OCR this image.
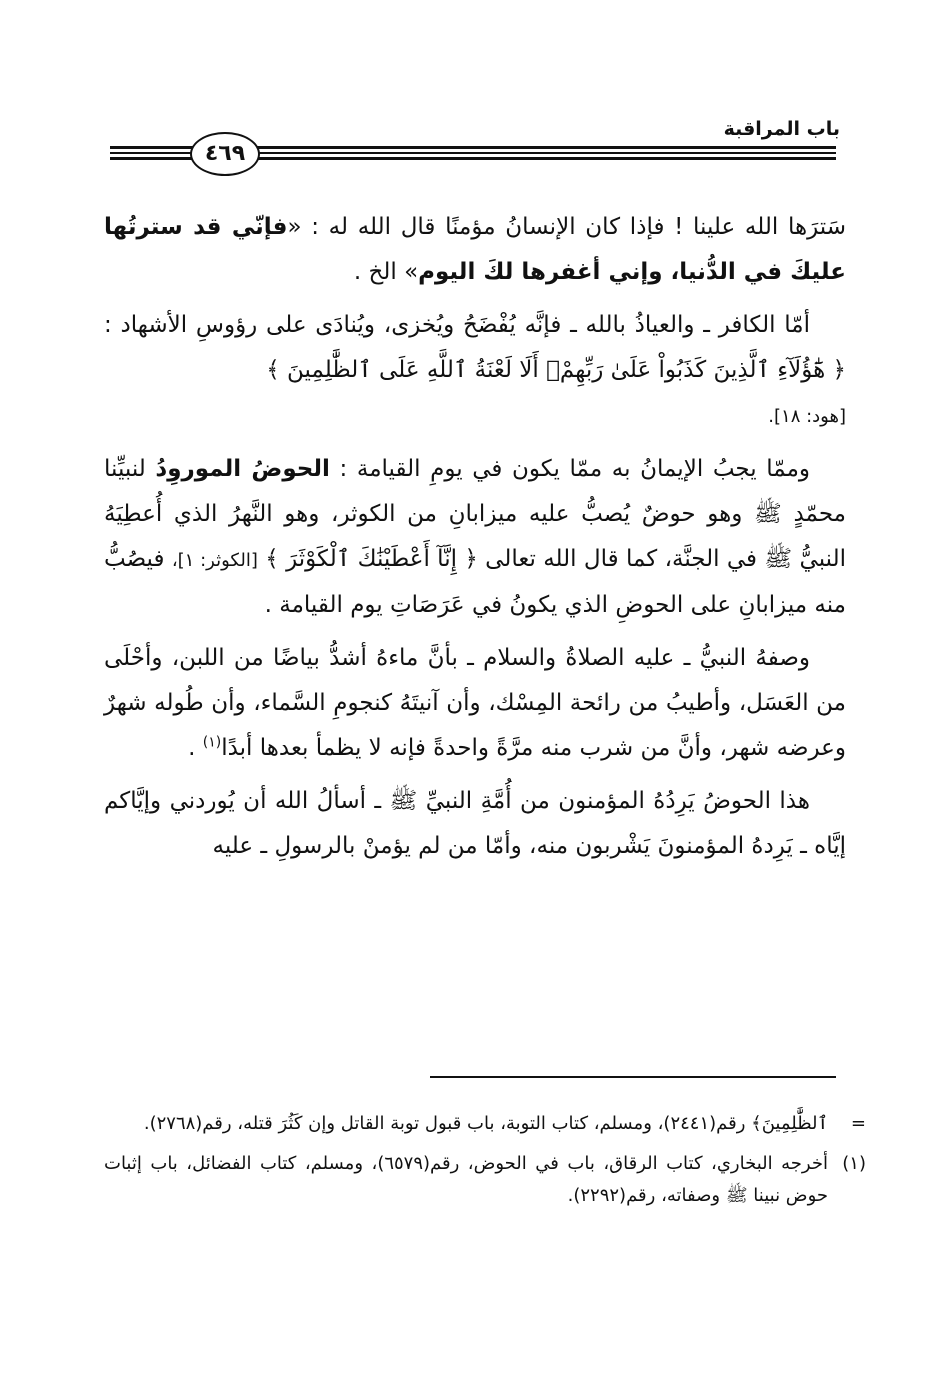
باب المراقبة
٤٦٩

سَترَها الله علينا ! فإذا كان الإنسانُ مؤمنًا قال الله له : «فإنّي قد سترتُها عليكَ في الدُّنيا، وإني أغفرها لكَ اليوم» الخ .

أمّا الكافر ـ والعياذُ بالله ـ فإنَّه يُفْضَحُ ويُخزى، ويُنادَى على رؤوسِ الأشهاد : ﴿ هَٰٓؤُلَآءِ ٱلَّذِينَ كَذَبُواْ عَلَىٰ رَبِّهِمْۚ أَلَا لَعْنَةُ ٱللَّهِ عَلَى ٱلظَّٰلِمِينَ ﴾
[هود: ١٨].

وممّا يجبُ الإيمانُ به ممّا يكون في يومِ القيامة : الحوضُ الموروِدُ لنبيِّنا محمّدٍ ﷺ وهو حوضٌ يُصبُّ عليه ميزابانِ من الكوثر، وهو النَّهرُ الذي أُعطِيَهُ النبيُّ ﷺ في الجنَّة، كما قال الله تعالى ﴿ إِنَّآ أَعْطَيْنَٰكَ ٱلْكَوْثَرَ ﴾ [الكوثر: ١]، فيصُبُّ منه ميزابانِ على الحوضِ الذي يكونُ في عَرَصَاتِ يوم القيامة .

وصفهُ النبيُّ ـ عليه الصلاةُ والسلام ـ بأنَّ ماءهُ أشدُّ بياضًا من اللبن، وأحْلَى من العَسَل، وأطيبُ من رائحة المِسْك، وأن آنيتَهُ كنجومِ السَّماء، وأن طُوله شهرٌ وعرضه شهر، وأنَّ من شرب منه مرَّةً واحدةً فإنه لا يظمأ بعدها أبدًا$^{(١)}$ .

هذا الحوضُ يَرِدُهُ المؤمنون من أُمَّةِ النبيِّ ﷺ ـ أسألُ الله أن يُوردني وإيَّاكم إيَّاه ـ يَرِدهُ المؤمنونَ يَشْربون منه، وأمّا من لم يؤمنْ بالرسولِ ـ عليه

=
ٱلظَّٰلِمِينَ﴾ رقم(٢٤٤١)، ومسلم، كتاب التوبة، باب قبول توبة القاتل وإن كَثُرَ قتله، رقم(٢٧٦٨).
(١)
أخرجه البخاري، كتاب الرقاق، باب في الحوض، رقم(٦٥٧٩)، ومسلم، كتاب الفضائل، باب إثبات حوض نبينا ﷺ وصفاته، رقم(٢٢٩٢).
